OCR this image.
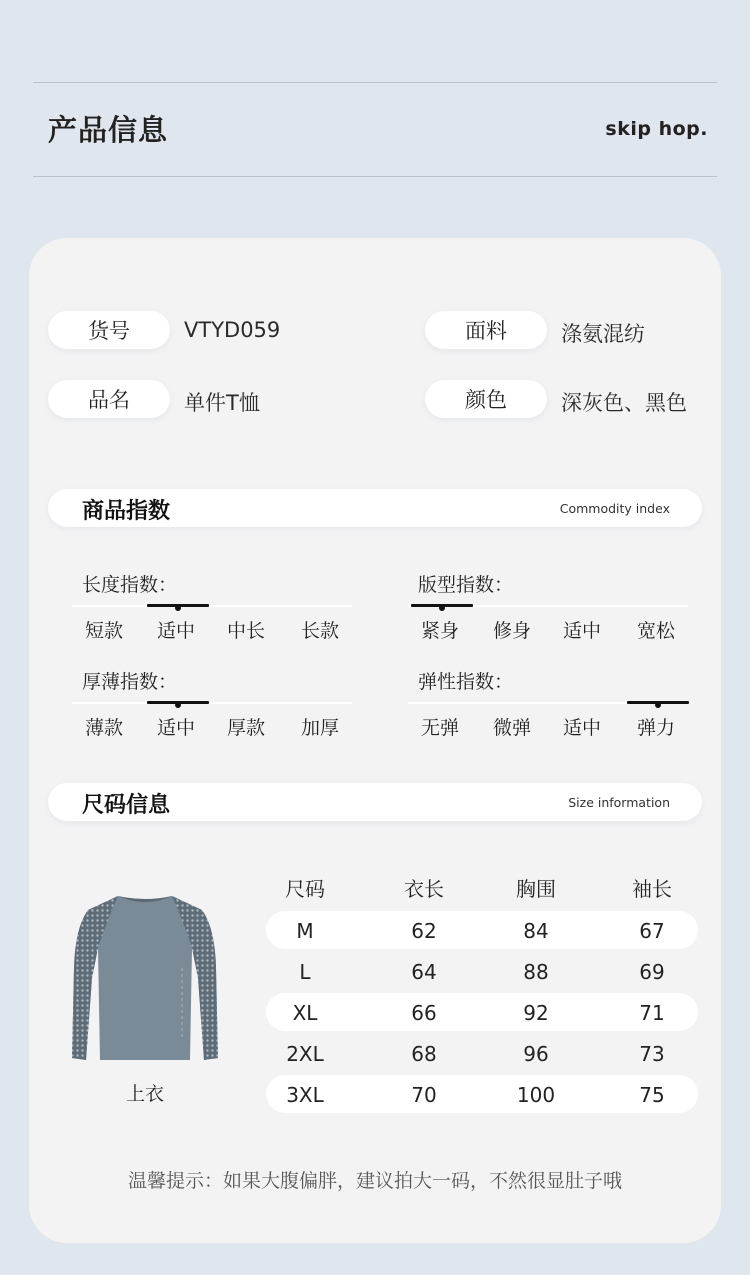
产品信息	skip hop.
货号	VTYD059	面料	涤氨混纺
品名	单件T恤	颜色	深灰色、黑色
商品指数	Commodity index
长度指数：
短款	适中	中长	长款
版型指数：
紧身	修身	适中	宽松
厚薄指数：
薄款	适中	厚款	加厚
弹性指数：
无弹	微弹	适中	弹力
尺码信息	Size information
上衣
尺码	衣长	胸围	袖长
M	62	84	67
L	64	88	69
XL	66	92	71
2XL	68	96	73
3XL	70	100	75
温馨提示：如果大腹偏胖，建议拍大一码，不然很显肚子哦
